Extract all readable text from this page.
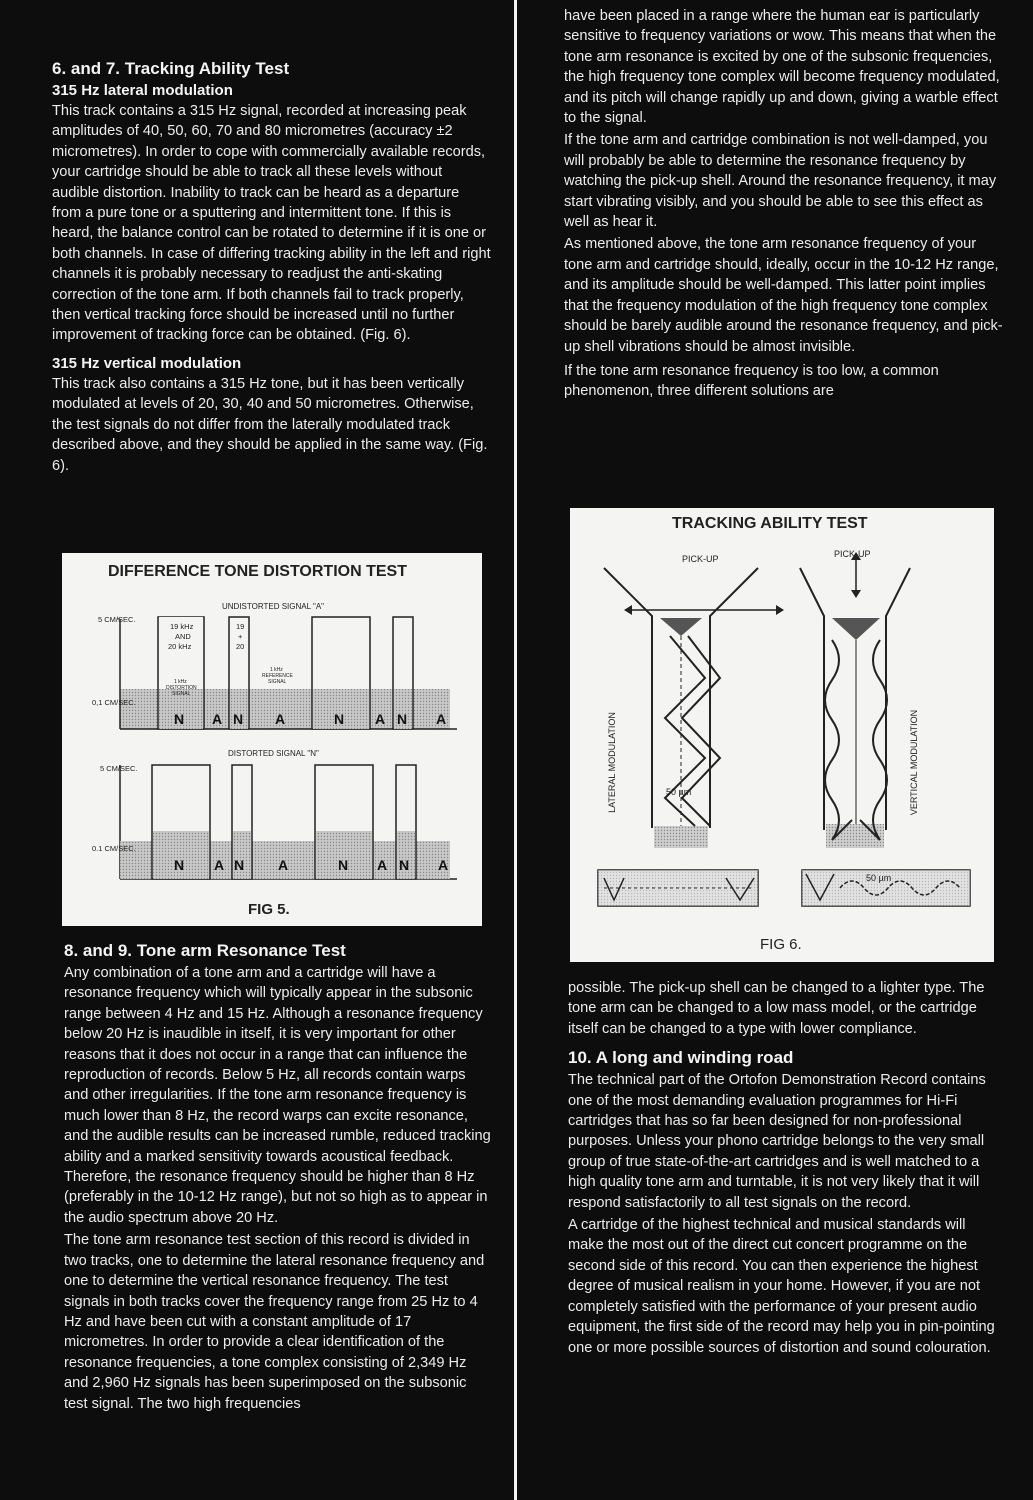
6. and 7. Tracking Ability Test
315 Hz lateral modulation

This track contains a 315 Hz signal, recorded at increasing peak amplitudes of 40, 50, 60, 70 and 80 micrometres (accuracy ±2 micrometres). In order to cope with commercially available records, your cartridge should be able to track all these levels without audible distortion. Inability to track can be heard as a departure from a pure tone or a sputtering and intermittent tone. If this is heard, the balance control can be rotated to determine if it is one or both channels. In case of differing tracking ability in the left and right channels it is probably necessary to readjust the anti-skating correction of the tone arm. If both channels fail to track properly, then vertical tracking force should be increased until no further improvement of tracking force can be obtained. (Fig. 6).

315 Hz vertical modulation

This track also contains a 315 Hz tone, but it has been vertically modulated at levels of 20, 30, 40 and 50 micrometres. Otherwise, the test signals do not differ from the laterally modulated track described above, and they should be applied in the same way. (Fig. 6).

8. and 9. Tone arm Resonance Test

Any combination of a tone arm and a cartridge will have a resonance frequency which will typically appear in the subsonic range between 4 Hz and 15 Hz. Although a resonance frequency below 20 Hz is inaudible in itself, it is very important for other reasons that it does not occur in a range that can influence the reproduction of records. Below 5 Hz, all records contain warps and other irregularities. If the tone arm resonance frequency is much lower than 8 Hz, the record warps can excite resonance, and the audible results can be increased rumble, reduced tracking ability and a marked sensitivity towards acoustical feedback. Therefore, the resonance frequency should be higher than 8 Hz (preferably in the 10-12 Hz range), but not so high as to appear in the audio spectrum above 20 Hz.

The tone arm resonance test section of this record is divided in two tracks, one to determine the lateral resonance frequency and one to determine the vertical resonance frequency. The test signals in both tracks cover the frequency range from 25 Hz to 4 Hz and have been cut with a constant amplitude of 17 micrometres. In order to provide a clear identification of the resonance frequencies, a tone complex consisting of 2,349 Hz and 2,960 Hz signals has been superimposed on the subsonic test signal. The two high frequencies

DIFFERENCE TONE DISTORTION TEST
UNDISTORTED SIGNAL "A"
5 CM/SEC.
0,1 CM/SEC.
19 kHz
AND
20 kHz
19
+
20
1 kHz
DISTORTION
SIGNAL
1 kHz
REFERENCE
SIGNAL
N A N A	N A N A
DISTORTED SIGNAL "N"
5 CM/SEC.
0.1 CM/SEC.
N A N A	N A N A
FIG 5.

have been placed in a range where the human ear is particularly sensitive to frequency variations or wow. This means that when the tone arm resonance is excited by one of the subsonic frequencies, the high frequency tone complex will become frequency modulated, and its pitch will change rapidly up and down, giving a warble effect to the signal.

If the tone arm and cartridge combination is not well-damped, you will probably be able to determine the resonance frequency by watching the pick-up shell. Around the resonance frequency, it may start vibrating visibly, and you should be able to see this effect as well as hear it.

As mentioned above, the tone arm resonance frequency of your tone arm and cartridge should, ideally, occur in the 10-12 Hz range, and its amplitude should be well-damped. This latter point implies that the frequency modulation of the high frequency tone complex should be barely audible around the resonance frequency, and pick-up shell vibrations should be almost invisible.

If the tone arm resonance frequency is too low, a common phenomenon, three different solutions are

TRACKING ABILITY TEST
PICK-UP	PICK-UP
LATERAL MODULATION	VERTICAL MODULATION
50 µm
50 µm
FIG 6.

possible. The pick-up shell can be changed to a lighter type. The tone arm can be changed to a low mass model, or the cartridge itself can be changed to a type with lower compliance.

10. A long and winding road

The technical part of the Ortofon Demonstration Record contains one of the most demanding evaluation programmes for Hi-Fi cartridges that has so far been designed for non-professional purposes. Unless your phono cartridge belongs to the very small group of true state-of-the-art cartridges and is well matched to a high quality tone arm and turntable, it is not very likely that it will respond satisfactorily to all test signals on the record.

A cartridge of the highest technical and musical standards will make the most out of the direct cut concert programme on the second side of this record. You can then experience the highest degree of musical realism in your home. However, if you are not completely satisfied with the performance of your present audio equipment, the first side of the record may help you in pin-pointing one or more possible sources of distortion and sound colouration.
